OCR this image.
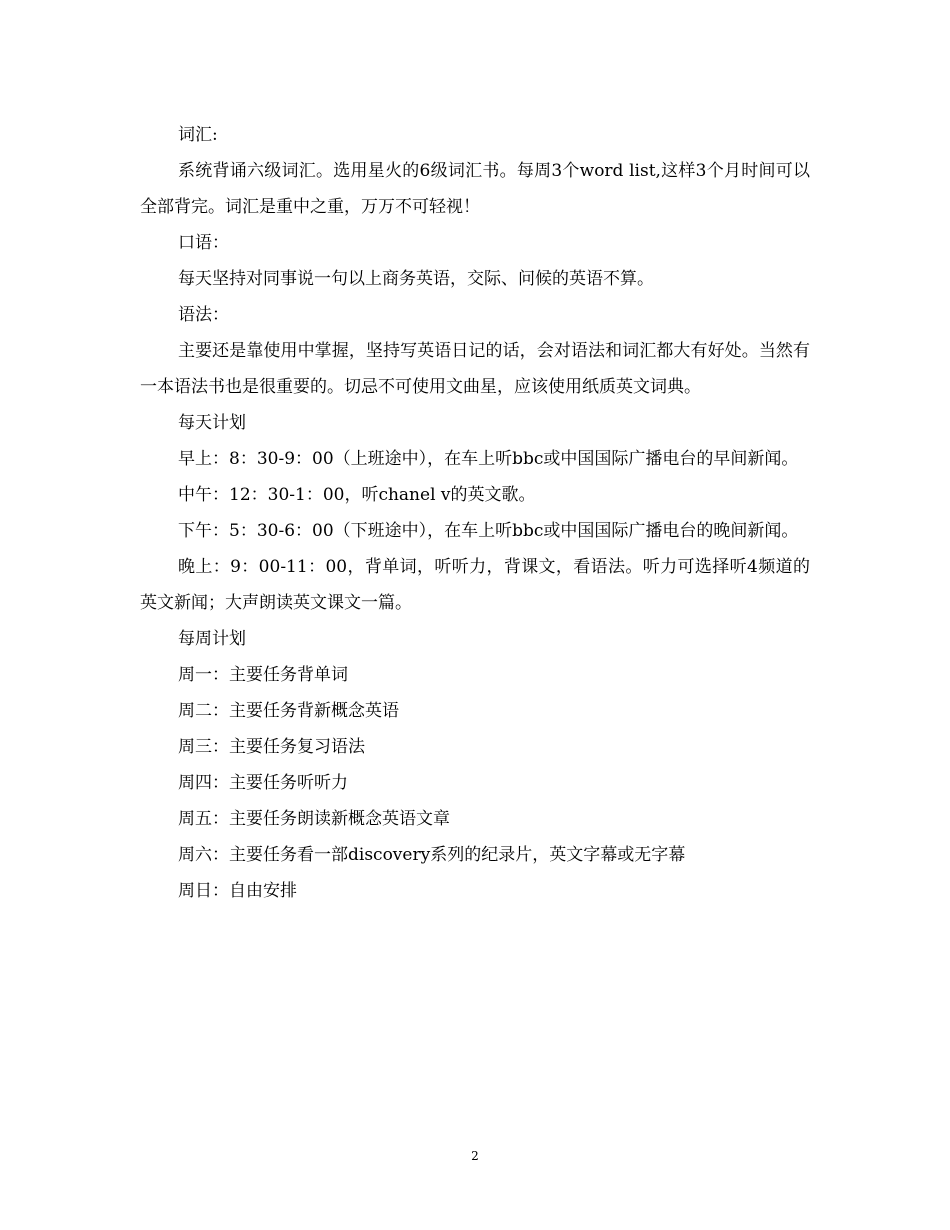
词汇:

系统背诵六级词汇。选用星火的6级词汇书。每周3个word list,这样3个月时间可以全部背完。词汇是重中之重，万万不可轻视！

口语：

每天坚持对同事说一句以上商务英语，交际、问候的英语不算。

语法：

主要还是靠使用中掌握，坚持写英语日记的话，会对语法和词汇都大有好处。当然有一本语法书也是很重要的。切忌不可使用文曲星，应该使用纸质英文词典。

每天计划

早上：8：30-9：00（上班途中），在车上听bbc或中国国际广播电台的早间新闻。

中午：12：30-1：00，听chanel v的英文歌。

下午：5：30-6：00（下班途中），在车上听bbc或中国国际广播电台的晚间新闻。

晚上：9：00-11：00，背单词，听听力，背课文，看语法。听力可选择听4频道的英文新闻；大声朗读英文课文一篇。

每周计划

周一：主要任务背单词

周二：主要任务背新概念英语

周三：主要任务复习语法

周四：主要任务听听力

周五：主要任务朗读新概念英语文章

周六：主要任务看一部discovery系列的纪录片，英文字幕或无字幕

周日：自由安排

2
